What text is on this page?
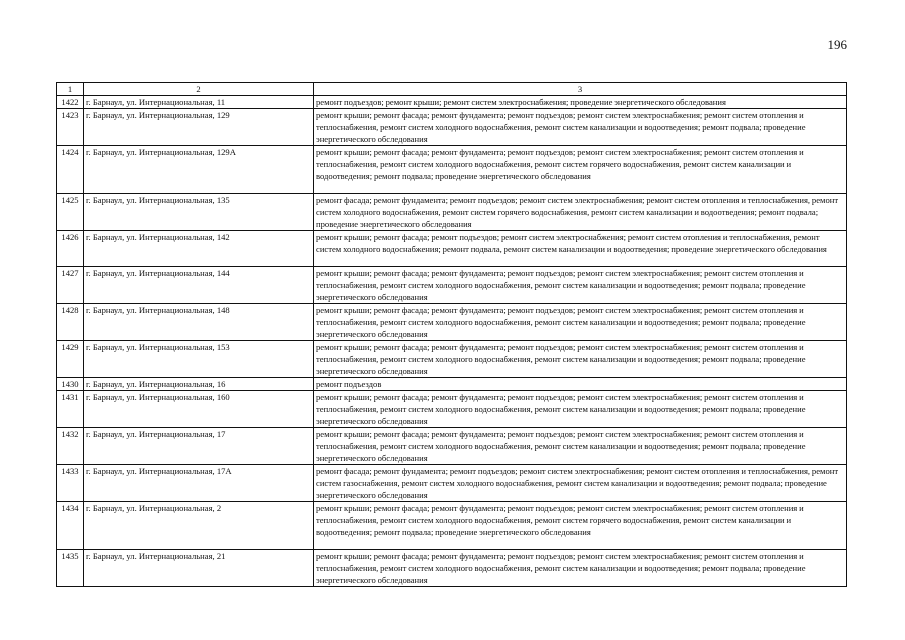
196
1	2	3
1422	г. Барнаул, ул. Интернациональная, 11	ремонт подъездов; ремонт крыши; ремонт систем электроснабжения; проведение энергетического обследования
1423	г. Барнаул, ул. Интернациональная, 129	ремонт крыши; ремонт фасада; ремонт фундамента; ремонт подъездов; ремонт систем электроснабжения; ремонт систем отопления и теплоснабжения, ремонт систем холодного водоснабжения, ремонт систем канализации и водоотведения; ремонт подвала; проведение энергетического обследования
1424	г. Барнаул, ул. Интернациональная, 129А	ремонт крыши; ремонт фасада; ремонт фундамента; ремонт подъездов; ремонт систем электроснабжения; ремонт систем отопления и теплоснабжения, ремонт систем холодного водоснабжения, ремонт систем горячего водоснабжения, ремонт систем канализации и водоотведения; ремонт подвала; проведение энергетического обследования
1425	г. Барнаул, ул. Интернациональная, 135	ремонт фасада; ремонт фундамента; ремонт подъездов; ремонт систем электроснабжения; ремонт систем отопления и теплоснабжения, ремонт систем холодного водоснабжения, ремонт систем горячего водоснабжения, ремонт систем канализации и водоотведения; ремонт подвала; проведение энергетического обследования
1426	г. Барнаул, ул. Интернациональная, 142	ремонт крыши; ремонт фасада; ремонт подъездов; ремонт систем электроснабжения; ремонт систем отопления и теплоснабжения, ремонт систем холодного водоснабжения; ремонт подвала, ремонт систем канализации и водоотведения; проведение энергетического обследования
1427	г. Барнаул, ул. Интернациональная, 144	ремонт крыши; ремонт фасада; ремонт фундамента; ремонт подъездов; ремонт систем электроснабжения; ремонт систем отопления и теплоснабжения, ремонт систем холодного водоснабжения, ремонт систем канализации и водоотведения; ремонт подвала; проведение энергетического обследования
1428	г. Барнаул, ул. Интернациональная, 148	ремонт крыши; ремонт фасада; ремонт фундамента; ремонт подъездов; ремонт систем электроснабжения; ремонт систем отопления и теплоснабжения, ремонт систем холодного водоснабжения, ремонт систем канализации и водоотведения; ремонт подвала; проведение энергетического обследования
1429	г. Барнаул, ул. Интернациональная, 153	ремонт крыши; ремонт фасада; ремонт фундамента; ремонт подъездов; ремонт систем электроснабжения; ремонт систем отопления и теплоснабжения, ремонт систем холодного водоснабжения, ремонт систем канализации и водоотведения; ремонт подвала; проведение энергетического обследования
1430	г. Барнаул, ул. Интернациональная, 16	ремонт подъездов
1431	г. Барнаул, ул. Интернациональная, 160	ремонт крыши; ремонт фасада; ремонт фундамента; ремонт подъездов; ремонт систем электроснабжения; ремонт систем отопления и теплоснабжения, ремонт систем холодного водоснабжения, ремонт систем канализации и водоотведения; ремонт подвала; проведение энергетического обследования
1432	г. Барнаул, ул. Интернациональная, 17	ремонт крыши; ремонт фасада; ремонт фундамента; ремонт подъездов; ремонт систем электроснабжения; ремонт систем отопления и теплоснабжения, ремонт систем холодного водоснабжения, ремонт систем канализации и водоотведения; ремонт подвала; проведение энергетического обследования
1433	г. Барнаул, ул. Интернациональная, 17А	ремонт фасада; ремонт фундамента; ремонт подъездов; ремонт систем электроснабжения; ремонт систем отопления и теплоснабжения, ремонт систем газоснабжения, ремонт систем холодного водоснабжения, ремонт систем канализации и водоотведения; ремонт подвала; проведение энергетического обследования
1434	г. Барнаул, ул. Интернациональная, 2	ремонт крыши; ремонт фасада; ремонт фундамента; ремонт подъездов; ремонт систем электроснабжения; ремонт систем отопления и теплоснабжения, ремонт систем холодного водоснабжения, ремонт систем горячего водоснабжения, ремонт систем канализации и водоотведения; ремонт подвала; проведение энергетического обследования
1435	г. Барнаул, ул. Интернациональная, 21	ремонт крыши; ремонт фасада; ремонт фундамента; ремонт подъездов; ремонт систем электроснабжения; ремонт систем отопления и теплоснабжения, ремонт систем холодного водоснабжения, ремонт систем канализации и водоотведения; ремонт подвала; проведение энергетического обследования
